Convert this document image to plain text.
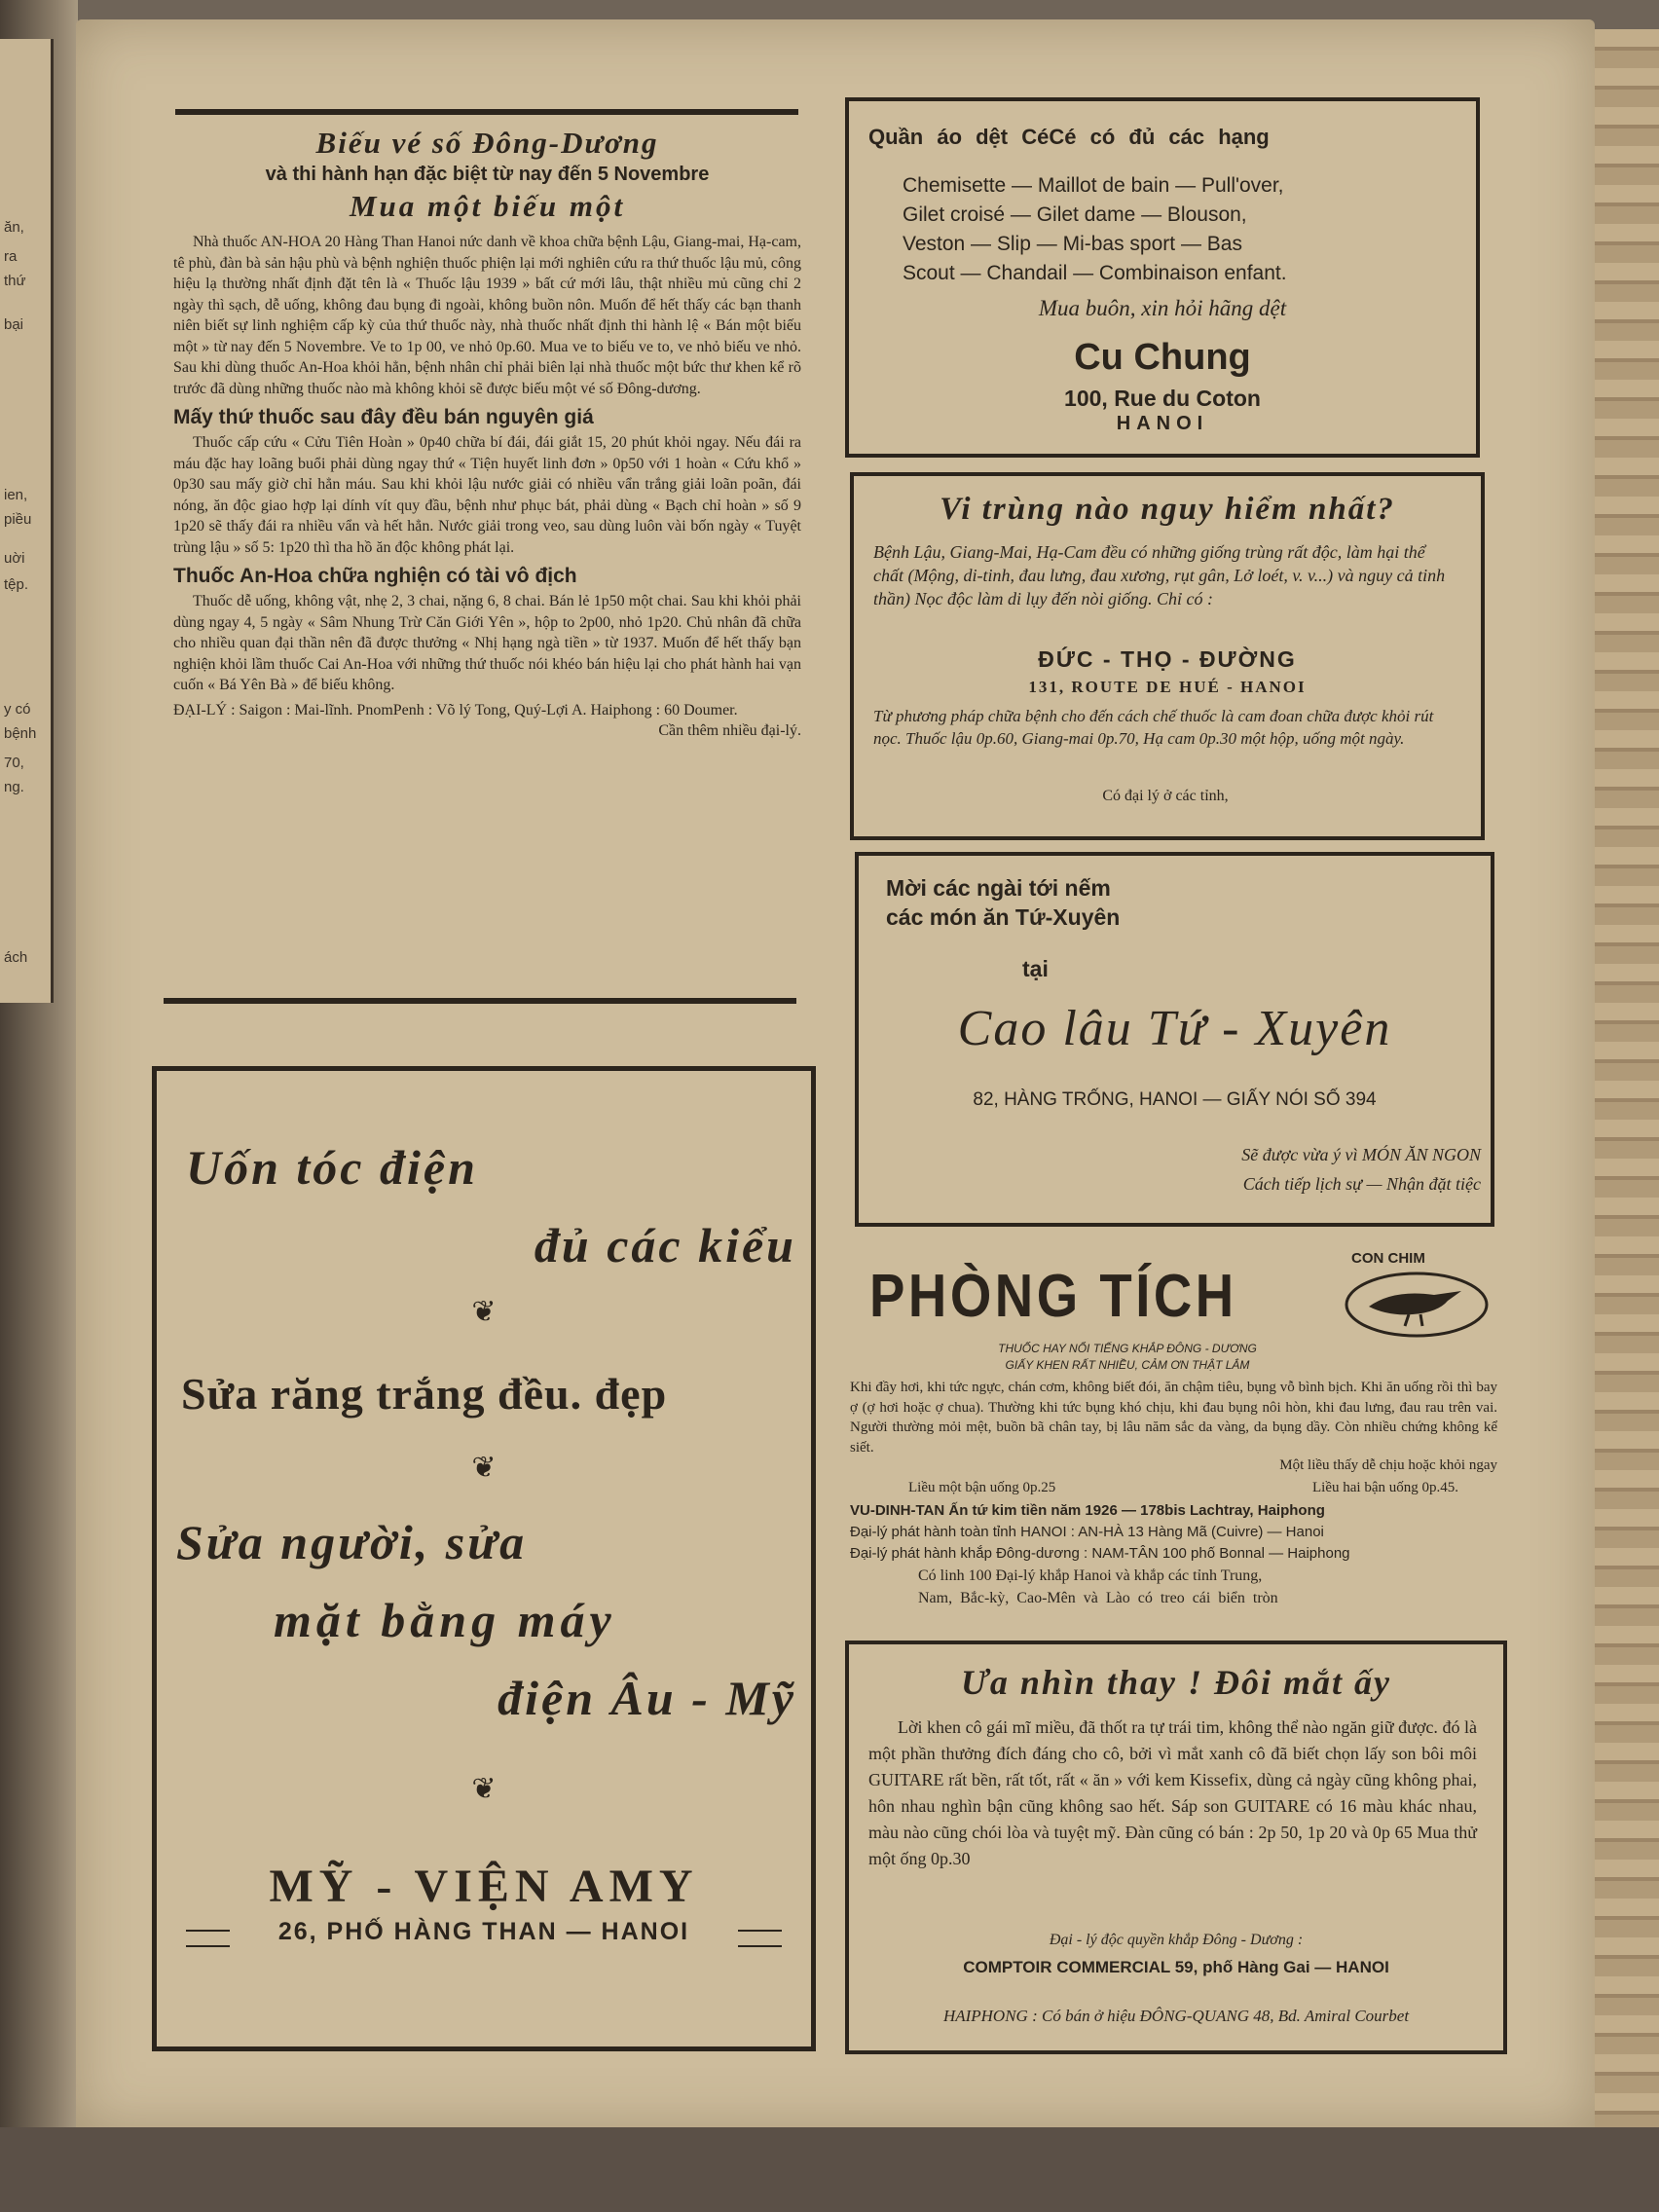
ăn,
ra
thứ
bại
ien,
piều
uời
tệp.
y có
bệnh
70,
ng.
ách

Biếu vé số Đông-Dương

và thi hành hạn đặc biệt từ nay đến 5 Novembre

Mua một biếu một

Nhà thuốc AN-HOA 20 Hàng Than Hanoi nức danh về khoa chữa bệnh Lậu, Giang-mai, Hạ-cam, tê phù, đàn bà sản hậu phù và bệnh nghiện thuốc phiện lại mới nghiên cứu ra thứ thuốc lậu mủ, công hiệu lạ thường nhất định đặt tên là « Thuốc lậu 1939 » bất cứ mới lâu, thật nhiều mủ cũng chỉ 2 ngày thì sạch, dễ uống, không đau bụng đi ngoài, không buồn nôn. Muốn để hết thấy các bạn thanh niên biết sự linh nghiệm cấp kỳ của thứ thuốc này, nhà thuốc nhất định thi hành lệ « Bán một biếu một » từ nay đến 5 Novembre. Ve to 1p 00, ve nhỏ 0p.60. Mua ve to biếu ve to, ve nhỏ biếu ve nhỏ. Sau khi dùng thuốc An-Hoa khỏi hẳn, bệnh nhân chỉ phải biên lại nhà thuốc một bức thư khen kể rõ trước đã dùng những thuốc nào mà không khỏi sẽ được biếu một vé số Đông-dương.

Mấy thứ thuốc sau đây đều bán nguyên giá

Thuốc cấp cứu « Cửu Tiên Hoàn » 0p40 chữa bí đái, đái giắt 15, 20 phút khỏi ngay. Nếu đái ra máu đặc hay loãng buổi phải dùng ngay thứ « Tiện huyết linh đơn » 0p50 với 1 hoàn « Cứu khổ » 0p30 sau mấy giờ chỉ hẳn máu. Sau khi khỏi lậu nước giải có nhiều vẩn trắng giải loãn poãn, đái nóng, ăn độc giao hợp lại dính vít quy đầu, bệnh như phục bát, phải dùng « Bạch chỉ hoàn » số 9 1p20 sẽ thấy đái ra nhiều vẩn và hết hẳn. Nước giải trong veo, sau dùng luôn vài bốn ngày « Tuyệt trùng lậu » số 5: 1p20 thì tha hồ ăn độc không phát lại.

Thuốc An-Hoa chữa nghiện có tài vô địch

Thuốc dễ uống, không vật, nhẹ 2, 3 chai, nặng 6, 8 chai. Bán lẻ 1p50 một chai. Sau khi khỏi phải dùng ngay 4, 5 ngày « Sâm Nhung Trừ Căn Giới Yên », hộp to 2p00, nhỏ 1p20. Chủ nhân đã chữa cho nhiều quan đại thần nên đã được thưởng « Nhị hạng ngà tiền » từ 1937. Muốn để hết thấy bạn nghiện khỏi lầm thuốc Cai An-Hoa với những thứ thuốc nói khéo bán hiệu lại cho phát hành hai vạn cuốn « Bá Yên Bà » để biếu không.

ĐẠI-LÝ : Saigon : Mai-lĩnh. PnomPenh : Võ lý Tong, Quý-Lợi A. Haiphong : 60 Doumer.

Cần thêm nhiều đại-lý.

Uốn tóc điện

đủ các kiểu

❦

Sửa răng trắng đều. đẹp

❦

Sửa người, sửa

mặt bằng máy

điện Âu - Mỹ

❦

MỸ - VIỆN AMY

26, PHỐ HÀNG THAN — HANOI

Quần áo dệt CéCé có đủ các hạng

Chemisette — Maillot de bain — Pull'over,

Gilet croisé — Gilet dame — Blouson,

Veston — Slip — Mi-bas sport — Bas

Scout — Chandail — Combinaison enfant.

Mua buôn, xin hỏi hãng dệt

Cu Chung

100, Rue du Coton

HANOI

Vi trùng nào nguy hiểm nhất?

Bệnh Lậu, Giang-Mai, Hạ-Cam đều có những giống trùng rất độc, làm hại thể chất (Mộng, di-tinh, đau lưng, đau xương, rụt gân, Lở loét, v. v...) và nguy cả tinh thần) Nọc độc làm di lụy đến nòi giống. Chỉ có :

ĐỨC - THỌ - ĐƯỜNG

131, ROUTE DE HUÉ - HANOI

Từ phương pháp chữa bệnh cho đến cách chế thuốc là cam đoan chữa được khỏi rút nọc. Thuốc lậu 0p.60, Giang-mai 0p.70, Hạ cam 0p.30 một hộp, uống một ngày.

Có đại lý ở các tỉnh,

Mời các ngài tới nếm

các món ăn Tứ-Xuyên

tại

Cao lâu Tứ - Xuyên

82, HÀNG TRỐNG, HANOI — GIẤY NÓI SỐ 394

Sẽ được vừa ý vì MÓN ĂN NGON

Cách tiếp lịch sự — Nhận đặt tiệc

CON CHIM

PHÒNG TÍCH

THUỐC HAY NỔI TIẾNG KHẮP ĐÔNG - DƯƠNG

GIẤY KHEN RẤT NHIỀU, CẢM ƠN THẬT LẮM

Khi đầy hơi, khi tức ngực, chán cơm, không biết đói, ăn chậm tiêu, bụng vỗ bình bịch. Khi ăn uống rồi thì bay ợ (ợ hơi hoặc ợ chua). Thường khi tức bụng khó chịu, khi đau bụng nôi hòn, khi đau lưng, đau rau trên vai. Người thường mỏi mệt, buồn bã chân tay, bị lâu năm sắc da vàng, da bụng dầy. Còn nhiều chứng không kể siết.

Một liều thấy dễ chịu hoặc khỏi ngay

Liều một bận uống 0p.25	Liều hai bận uống 0p.45.

VU-DINH-TAN Ấn tứ kim tiền năm 1926 — 178bis Lachtray, Haiphong

Đại-lý phát hành toàn tỉnh HANOI : AN-HÀ 13 Hàng Mã (Cuivre) — Hanoi

Đại-lý phát hành khắp Đông-dương : NAM-TÂN 100 phố Bonnal — Haiphong

Có linh 100 Đại-lý khắp Hanoi và khắp các tỉnh Trung,

Nam, Bắc-kỳ, Cao-Mên và Lào có treo cái biển tròn

Ưa nhìn thay ! Đôi mắt ấy

Lời khen cô gái mĩ miều, đã thốt ra tự trái tim, không thể nào ngăn giữ được. đó là một phần thưởng đích đáng cho cô, bởi vì mắt xanh cô đã biết chọn lấy son bôi môi GUITARE rất bền, rất tốt, rất « ăn » với kem Kissefix, dùng cả ngày cũng không phai, hôn nhau nghìn bận cũng không sao hết. Sáp son GUITARE có 16 màu khác nhau, màu nào cũng chói lòa và tuyệt mỹ. Đàn cũng có bán : 2p 50, 1p 20 và 0p 65 Mua thử một ống 0p.30

Đại - lý độc quyền khắp Đông - Dương :

COMPTOIR COMMERCIAL 59, phố Hàng Gai — HANOI

HAIPHONG : Có bán ở hiệu ĐÔNG-QUANG 48, Bd. Amiral Courbet
